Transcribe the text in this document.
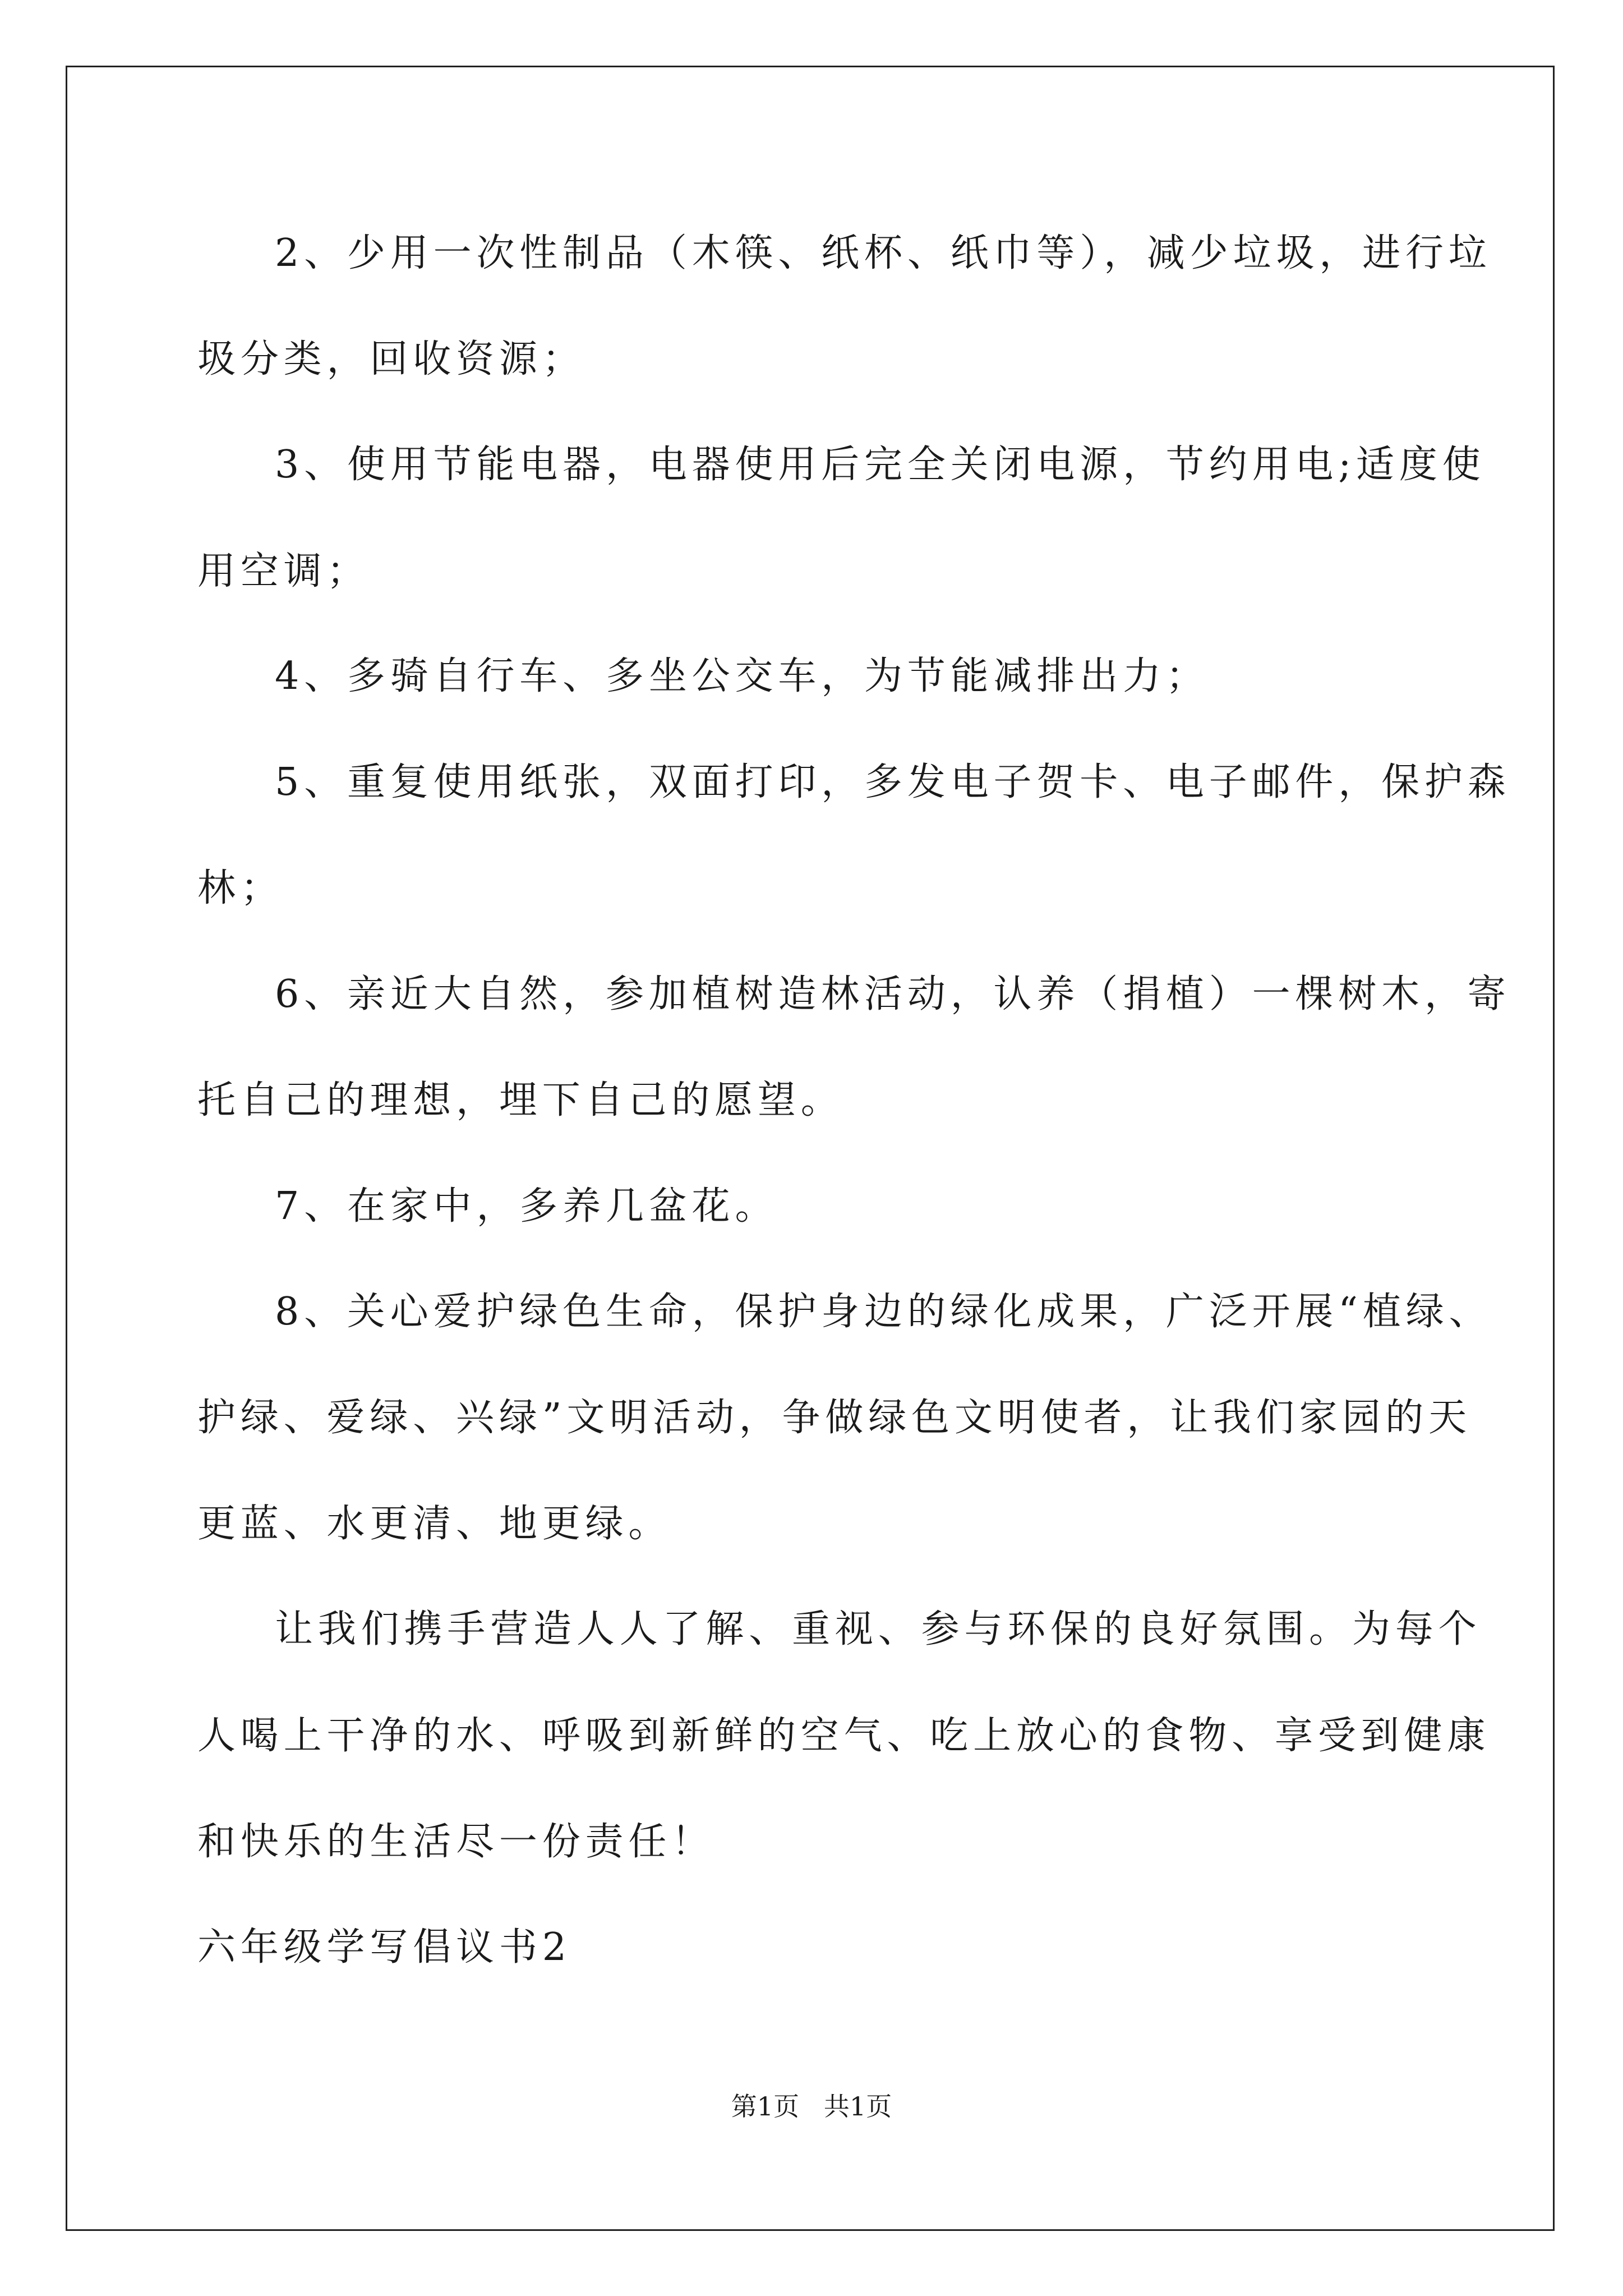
2、少用一次性制品（木筷、纸杯、纸巾等），减少垃圾，进行垃
圾分类，回收资源；
3、使用节能电器，电器使用后完全关闭电源，节约用电;适度使
用空调；
4、多骑自行车、多坐公交车，为节能减排出力；
5、重复使用纸张，双面打印，多发电子贺卡、电子邮件，保护森
林；
6、亲近大自然，参加植树造林活动，认养（捐植）一棵树木，寄
托自己的理想，埋下自己的愿望。
7、在家中，多养几盆花。
8、关心爱护绿色生命，保护身边的绿化成果，广泛开展“植绿、
护绿、爱绿、兴绿”文明活动，争做绿色文明使者，让我们家园的天
更蓝、水更清、地更绿。
让我们携手营造人人了解、重视、参与环保的良好氛围。为每个
人喝上干净的水、呼吸到新鲜的空气、吃上放心的食物、享受到健康
和快乐的生活尽一份责任！
六年级学写倡议书2
第1页   共1页
